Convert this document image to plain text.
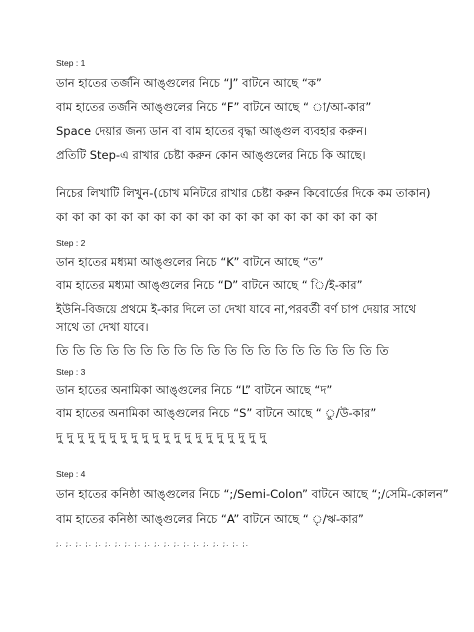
Step : 1
ডান হাতের তর্জনি আঙ্গুলের নিচে “J” বাটনে আছে “ক”
বাম হাতের তর্জনি আঙ্গুলের নিচে “F” বাটনে আছে “ া/আ-কার”
Space দেয়ার জন্য ডান বা বাম হাতের বৃদ্ধা আঙ্গুল ব্যবহার করুন।
প্রতিটি Step-এ রাখার চেষ্টা করুন কোন আঙ্গুলের নিচে কি আছে।
নিচের লিখাটি লিখুন-(চোখ মনিটরে রাখার চেষ্টা করুন কিবোর্ডের দিকে কম তাকান)
কা কা কা কা কা কা কা কা কা কা কা কা কা কা কা কা কা কা কা কা
Step : 2
ডান হাতের মধ্যমা আঙ্গুলের নিচে “K” বাটনে আছে “ত”
বাম হাতের মধ্যমা আঙ্গুলের নিচে “D” বাটনে আছে “ ি/ই-কার”
ইউনি-বিজয়ে প্রথমে ই-কার দিলে তা দেখা যাবে না,পরবর্তী বর্ণ চাপ দেয়ার সাথে
সাথে তা দেখা যাবে।
তি তি তি তি তি তি তি তি তি তি তি তি তি তি তি তি তি তি তি তি
Step : 3
ডান হাতের অনামিকা আঙ্গুলের নিচে “L” বাটনে আছে “দ”
বাম হাতের অনামিকা আঙ্গুলের নিচে “S” বাটনে আছে “ ু/উ-কার”
দু দু দু দু দু দু দু দু দু দু দু দু দু দু দু দু দু দু দু দু
Step : 4
ডান হাতের কনিষ্ঠা আঙ্গুলের নিচে “;/Semi-Colon” বাটনে আছে “;/সেমি-কোলন”
বাম হাতের কনিষ্ঠা আঙ্গুলের নিচে “A” বাটনে আছে “ ৃ/ঋ-কার”
;. ;. ;. ;. ;. ;. ;. ;. ;. ;. ;. ;. ;. ;. ;. ;. ;. ;. ;. ;.
